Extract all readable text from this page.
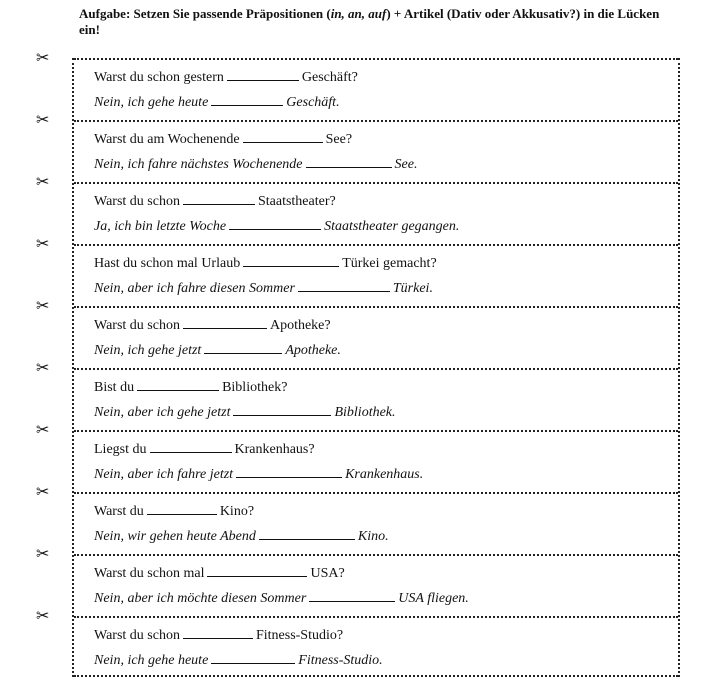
Aufgabe: Setzen Sie passende Präpositionen (in, an, auf) + Artikel (Dativ oder Akkusativ?) in die Lücken ein!
Warst du schon gestern	Geschäft?
Nein, ich gehe heute	Geschäft.
Warst du am Wochenende	See?
Nein, ich fahre nächstes Wochenende	See.
Warst du schon	Staatstheater?
Ja, ich bin letzte Woche	Staatstheater gegangen.
Hast du schon mal Urlaub	Türkei gemacht?
Nein, aber ich fahre diesen Sommer	Türkei.
Warst du schon	Apotheke?
Nein, ich gehe jetzt	Apotheke.
Bist du	Bibliothek?
Nein, aber ich gehe jetzt	Bibliothek.
Liegst du	Krankenhaus?
Nein, aber ich fahre jetzt	Krankenhaus.
Warst du	Kino?
Nein, wir gehen heute Abend	Kino.
Warst du schon mal	USA?
Nein, aber ich möchte diesen Sommer	USA fliegen.
Warst du schon	Fitness-Studio?
Nein, ich gehe heute	Fitness-Studio.
✂
✂
✂
✂
✂
✂
✂
✂
✂
✂
